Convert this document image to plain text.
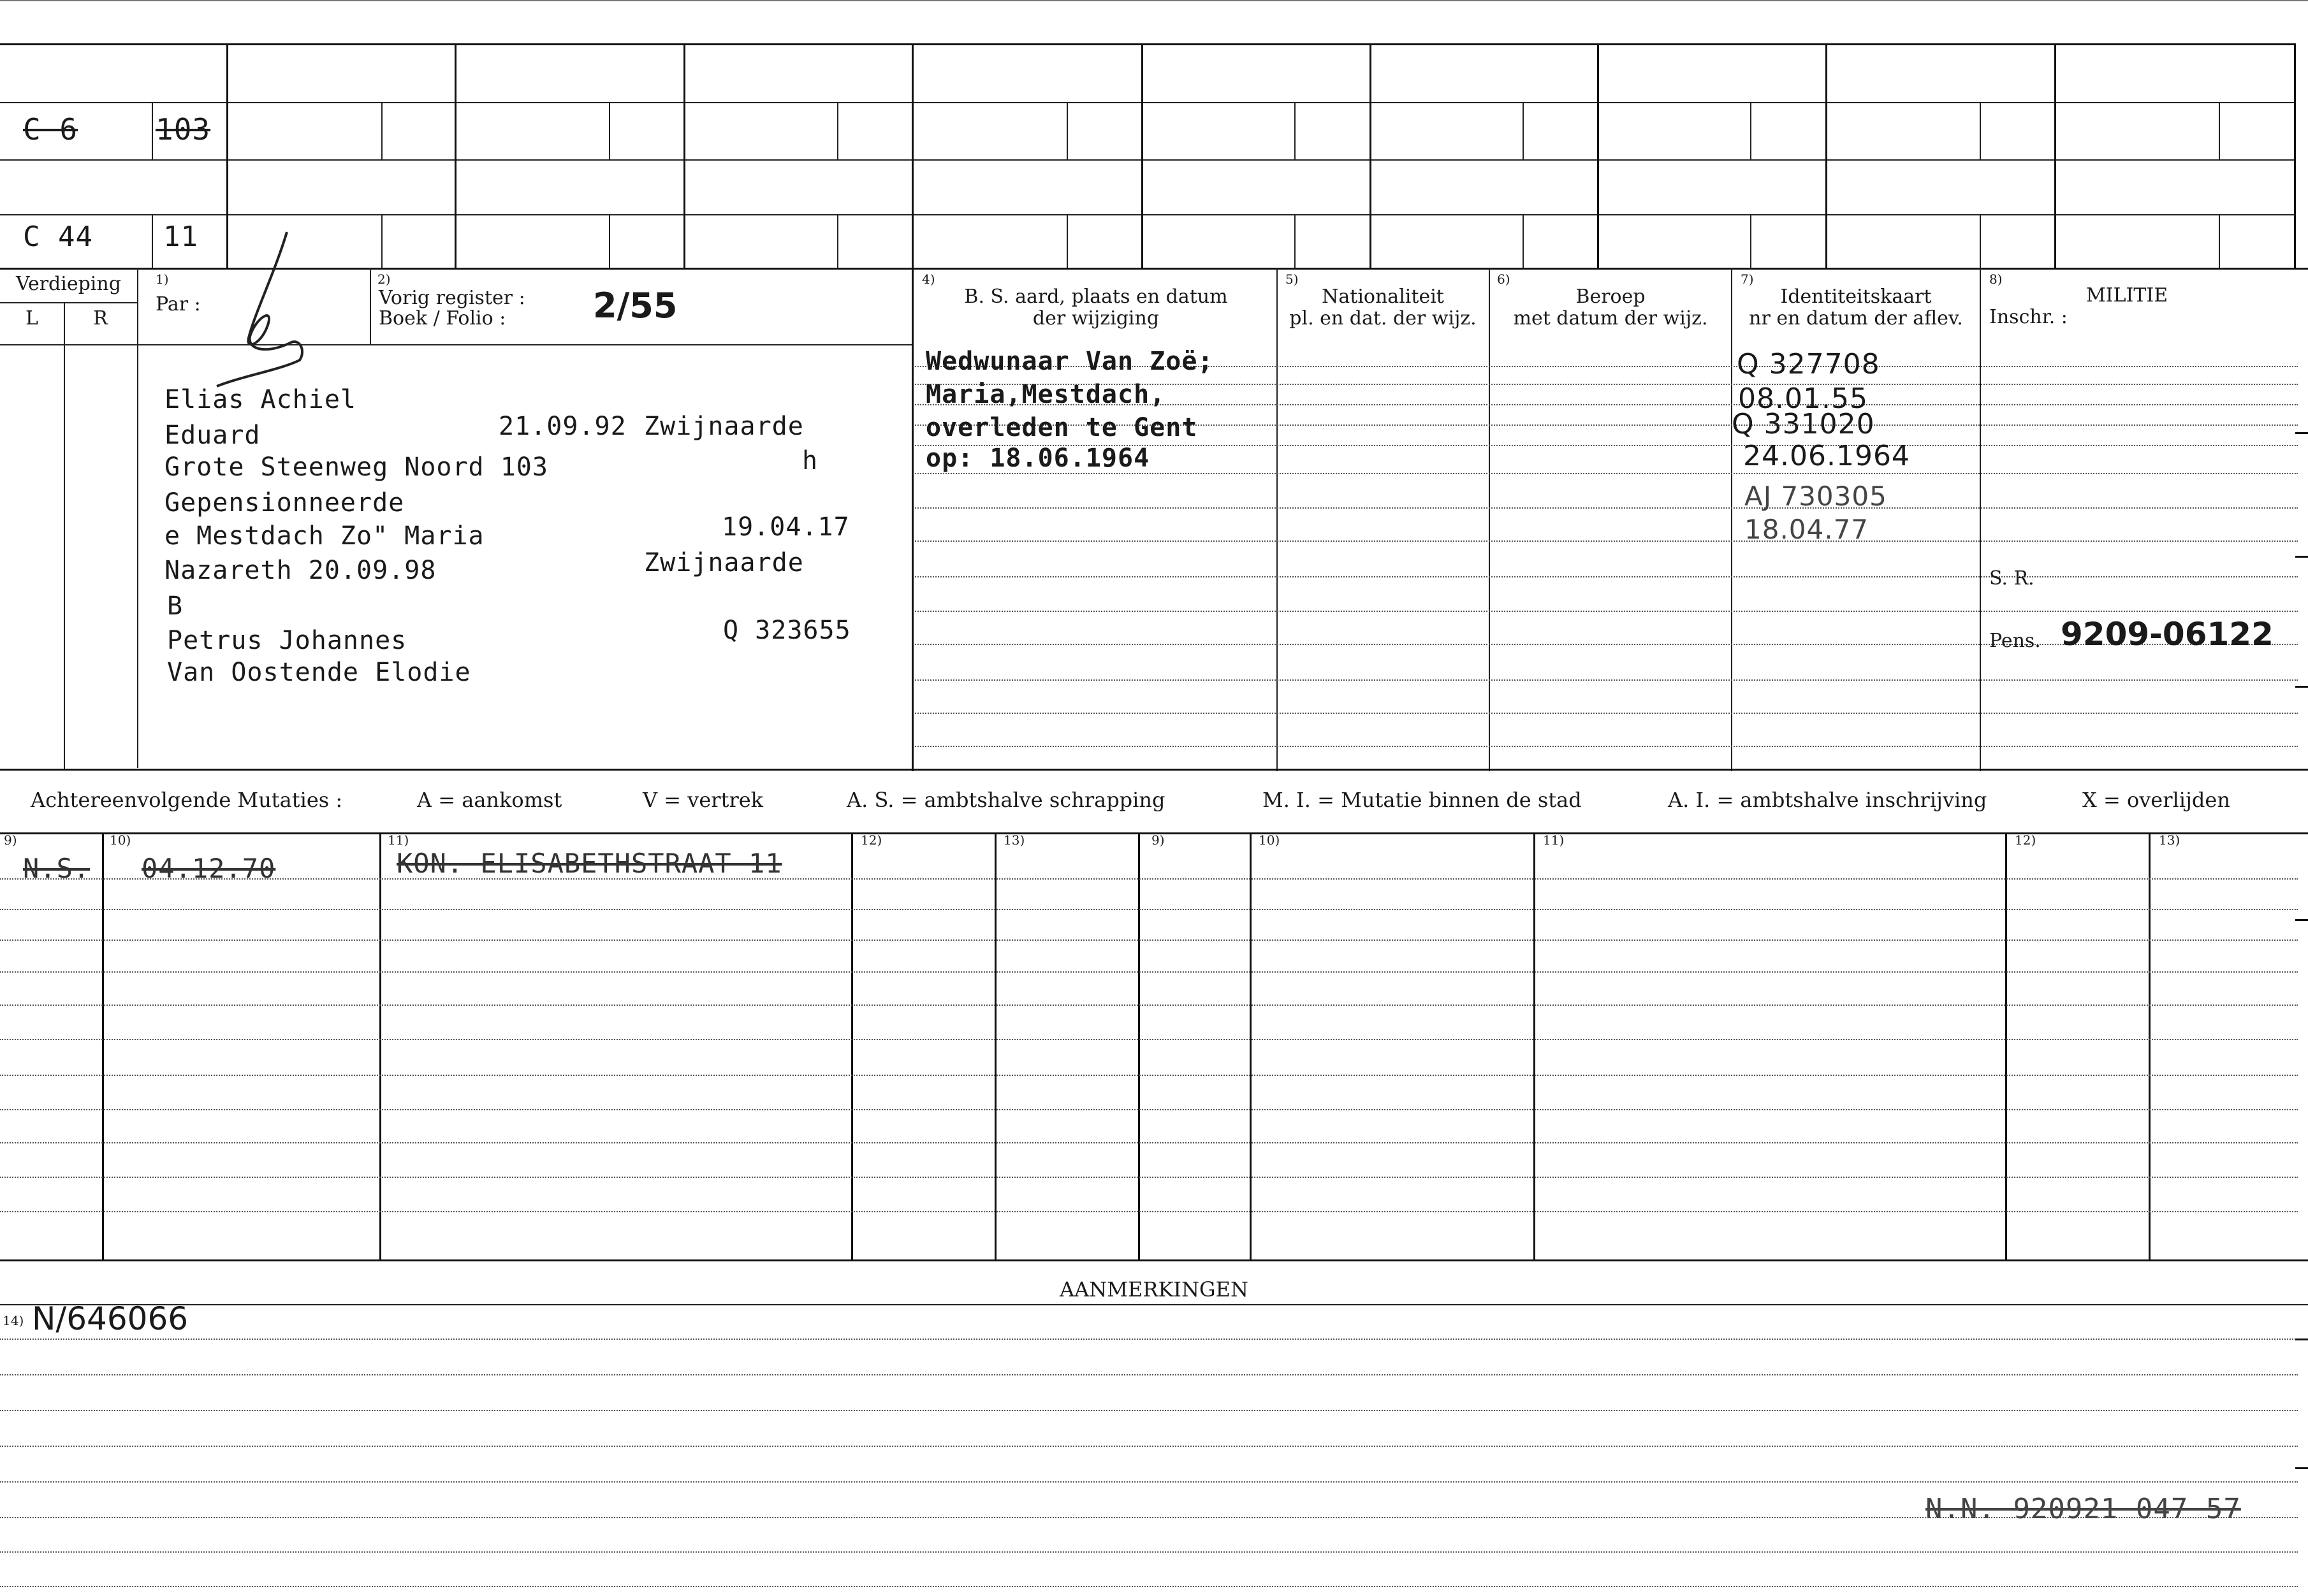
C 6	103
C 44	11
Verdieping
L	R
1)
Par :
2)
Vorig register :
Boek / Folio :	2/55
4)
B. S. aard, plaats en datum
der wijziging
5)
Nationaliteit
pl. en dat. der wijz.
6)
Beroep
met datum der wijz.
7)
Identiteitskaart
nr en datum der aflev.
8)
MILITIE
Inschr. :
Elias Achiel
Eduard	21.09.92 Zwijnaarde
Grote Steenweg Noord 103	h
Gepensionneerde
e Mestdach Zo" Maria	19.04.17
Nazareth 20.09.98	Zwijnaarde
B
Petrus Johannes	Q 323655
Van Oostende Elodie
Wedwunaar Van Zoë;
Maria,Mestdach,
overleden te Gent
op: 18.06.1964
Q 327708
08.01.55
Q 331020
24.06.1964
AJ 730305
18.04.77
S. R.
Pens. 9209-06122
Achtereenvolgende Mutaties :	A = aankomst	V = vertrek	A. S. = ambtshalve schrapping	M. I. = Mutatie binnen de stad	A. I. = ambtshalve inschrijving	X = overlijden
9)	10)	11)	12)	13)	9)	10)	11)	12)	13)
N.S. 04.12.70	KON. ELISABETHSTRAAT 11
AANMERKINGEN
14) N/646066
N.N. 920921 047 57
